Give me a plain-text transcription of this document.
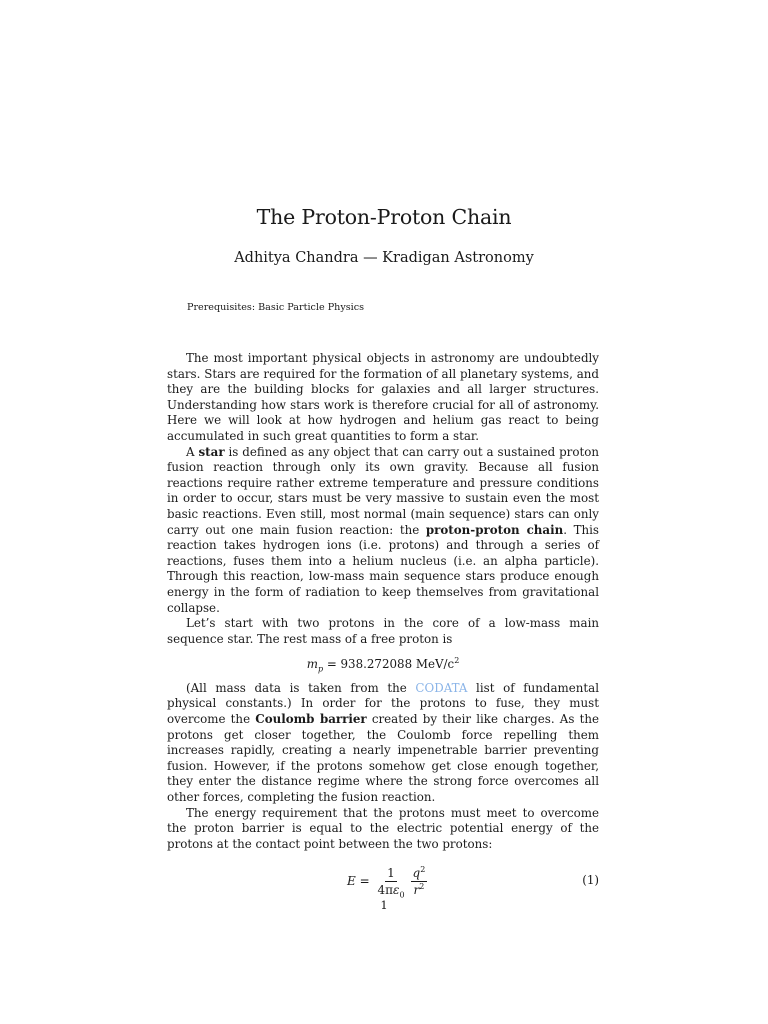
The Proton-Proton Chain
Adhitya Chandra — Kradigan Astronomy
Prerequisites: Basic Particle Physics

The most important physical objects in astronomy are undoubtedly stars. Stars are required for the formation of all planetary systems, and they are the building blocks for galaxies and all larger structures. Understanding how stars work is therefore crucial for all of astronomy. Here we will look at how hydrogen and helium gas react to being accumulated in such great quantities to form a star.

A star is defined as any object that can carry out a sustained proton fusion reaction through only its own gravity. Because all fusion reactions require rather extreme temperature and pressure conditions in order to occur, stars must be very massive to sustain even the most basic reactions. Even still, most normal (main sequence) stars can only carry out one main fusion reaction: the proton-proton chain. This reaction takes hydrogen ions (i.e. protons) and through a series of reactions, fuses them into a helium nucleus (i.e. an alpha particle). Through this reaction, low-mass main sequence stars produce enough energy in the form of radiation to keep themselves from gravitational collapse.

Let’s start with two protons in the core of a low-mass main sequence star. The rest mass of a free proton is

$m_p = 938.272088$ MeV/$c^2$

(All mass data is taken from the CODATA list of fundamental physical constants.) In order for the protons to fuse, they must overcome the Coulomb barrier created by their like charges. As the protons get closer together, the Coulomb force repelling them increases rapidly, creating a nearly impenetrable barrier preventing fusion. However, if the protons somehow get close enough together, they enter the distance regime where the strong force overcomes all other forces, completing the fusion reaction.

The energy requirement that the protons must meet to overcome the proton barrier is equal to the electric potential energy of the protons at the contact point between the two protons:

$E = \frac{1}{4\pi\varepsilon_0} \frac{q^2}{r^2}$	(1)
1
